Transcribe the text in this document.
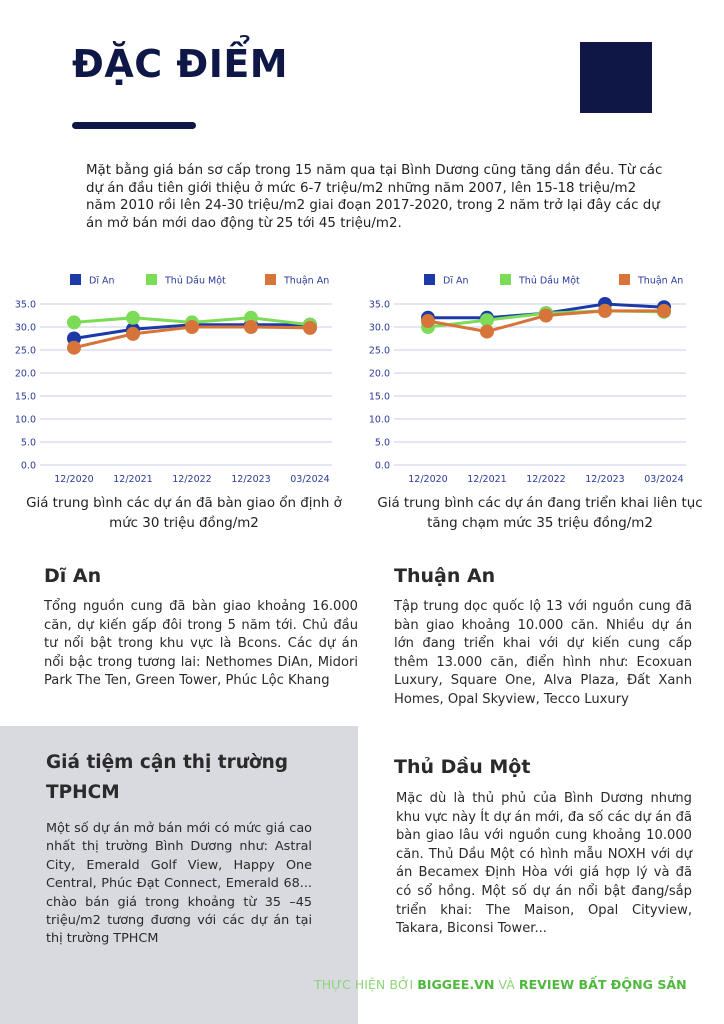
ĐẶC ĐIỂM

Mặt bằng giá bán sơ cấp trong 15 năm qua tại Bình Dương cũng tăng dần đều. Từ các dự án đầu tiên giới thiệu ở mức 6-7 triệu/m2 những năm 2007, lên 15-18 triệu/m2 năm 2010 rồi lên 24-30 triệu/m2 giai đoạn 2017-2020, trong 2 năm trở lại đây các dự án mở bán mới dao động từ 25 tới 45 triệu/m2.

Dĩ An	Thủ Dầu Một	Thuận An
0.0
5.0
10.0
15.0
20.0
25.0
30.0
35.0
12/2020 12/2021 12/2022 12/2023 03/2024
Dĩ An	Thủ Dầu Một	Thuận An
0.0
5.0
10.0
15.0
20.0
25.0
30.0
35.0
12/2020 12/2021 12/2022 12/2023 03/2024

Giá trung bình các dự án đã bàn giao ổn định ở mức 30 triệu đồng/m2

Giá trung bình các dự án đang triển khai liên tục tăng chạm mức 35 triệu đồng/m2

Dĩ An

Tổng nguồn cung đã bàn giao khoảng 16.000 căn, dự kiến gấp đôi trong 5 năm tới. Chủ đầu tư nổi bật trong khu vực là Bcons. Các dự án nổi bậc trong tương lai: Nethomes DiAn, Midori Park The Ten, Green Tower, Phúc Lộc Khang

Thuận An

Tập trung dọc quốc lộ 13 với nguồn cung đã bàn giao khoảng 10.000 căn. Nhiều dự án lớn đang triển khai với dự kiến cung cấp thêm 13.000 căn, điển hình như: Ecoxuan Luxury, Square One, Alva Plaza, Đất Xanh Homes, Opal Skyview, Tecco Luxury

Giá tiệm cận thị trường TPHCM

Một số dự án mở bán mới có mức giá cao nhất thị trường Bình Dương như: Astral City, Emerald Golf View, Happy One Central, Phúc Đạt Connect, Emerald 68... chào bán giá trong khoảng từ 35 –45 triệu/m2 tương đương với các dự án tại thị trường TPHCM

Thủ Dầu Một

Mặc dù là thủ phủ của Bình Dương nhưng khu vực này Ít dự án mới, đa số các dự án đã bàn giao lâu với nguồn cung khoảng 10.000 căn. Thủ Dầu Một có hình mẫu NOXH với dự án Becamex Định Hòa với giá hợp lý và đã có sổ hồng. Một số dự án nổi bật đang/sắp triển khai: The Maison, Opal Cityview, Takara, Biconsi Tower...

THỰC HIỆN BỞI BIGGEE.VN VÀ REVIEW BẤT ĐỘNG SẢN
